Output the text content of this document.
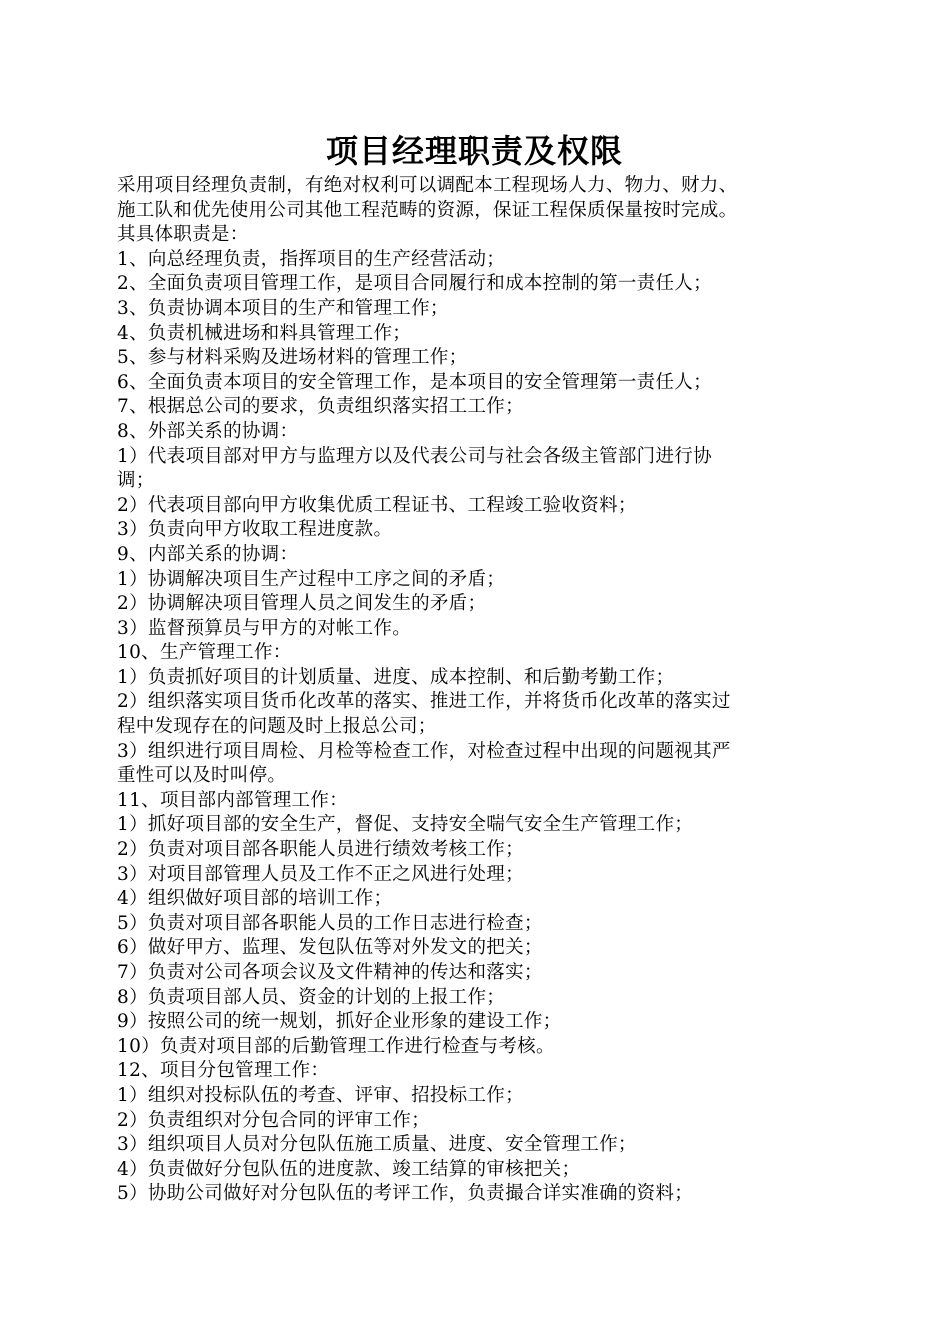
项目经理职责及权限
采用项目经理负责制，有绝对权利可以调配本工程现场人力、物力、财力、
施工队和优先使用公司其他工程范畴的资源，保证工程保质保量按时完成。
其具体职责是：
1、向总经理负责，指挥项目的生产经营活动；
2、全面负责项目管理工作，是项目合同履行和成本控制的第一责任人；
3、负责协调本项目的生产和管理工作；
4、负责机械进场和料具管理工作；
5、参与材料采购及进场材料的管理工作；
6、全面负责本项目的安全管理工作，是本项目的安全管理第一责任人；
7、根据总公司的要求，负责组织落实招工工作；
8、外部关系的协调：
1）代表项目部对甲方与监理方以及代表公司与社会各级主管部门进行协
调；
2）代表项目部向甲方收集优质工程证书、工程竣工验收资料；
3）负责向甲方收取工程进度款。
9、内部关系的协调：
1）协调解决项目生产过程中工序之间的矛盾；
2）协调解决项目管理人员之间发生的矛盾；
3）监督预算员与甲方的对帐工作。
10、生产管理工作：
1）负责抓好项目的计划质量、进度、成本控制、和后勤考勤工作；
2）组织落实项目货币化改革的落实、推进工作，并将货币化改革的落实过
程中发现存在的问题及时上报总公司；
3）组织进行项目周检、月检等检查工作，对检查过程中出现的问题视其严
重性可以及时叫停。
11、项目部内部管理工作：
1）抓好项目部的安全生产，督促、支持安全喘气安全生产管理工作；
2）负责对项目部各职能人员进行绩效考核工作；
3）对项目部管理人员及工作不正之风进行处理；
4）组织做好项目部的培训工作；
5）负责对项目部各职能人员的工作日志进行检查；
6）做好甲方、监理、发包队伍等对外发文的把关；
7）负责对公司各项会议及文件精神的传达和落实；
8）负责项目部人员、资金的计划的上报工作；
9）按照公司的统一规划，抓好企业形象的建设工作；
10）负责对项目部的后勤管理工作进行检查与考核。
12、项目分包管理工作：
1）组织对投标队伍的考查、评审、招投标工作；
2）负责组织对分包合同的评审工作；
3）组织项目人员对分包队伍施工质量、进度、安全管理工作；
4）负责做好分包队伍的进度款、竣工结算的审核把关；
5）协助公司做好对分包队伍的考评工作，负责撮合详实准确的资料；
